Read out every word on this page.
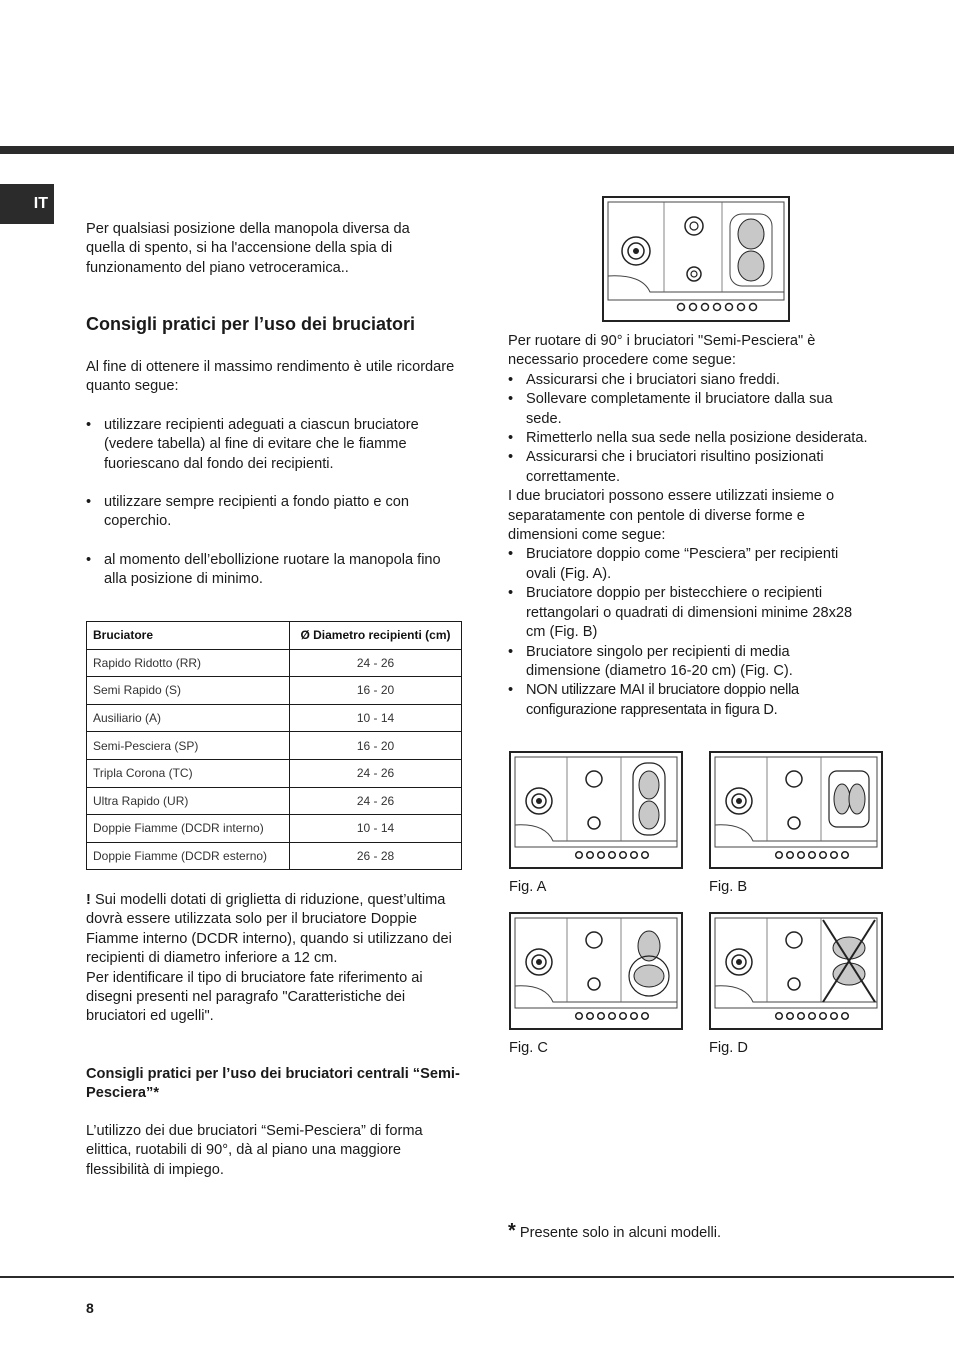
IT

Per qualsiasi posizione della manopola diversa da quella di spento, si ha l'accensione della spia di funzionamento del piano vetroceramica..

Consigli pratici per l’uso dei bruciatori

Al fine di ottenere il massimo rendimento è utile ricordare quanto segue:

• utilizzare recipienti adeguati a ciascun bruciatore (vedere tabella) al fine di evitare che le fiamme fuoriescano dal fondo dei recipienti.
• utilizzare sempre recipienti a fondo piatto e con coperchio.
• al momento dell’ebollizione ruotare la manopola fino alla posizione di minimo.
Bruciatore	Ø Diametro recipienti (cm)
Rapido Ridotto (RR)	24 - 26
Semi Rapido (S)	16 - 20
Ausiliario (A)	10 - 14
Semi-Pesciera (SP)	16 - 20
Tripla Corona (TC)	24 - 26
Ultra Rapido (UR)	24 - 26
Doppie Fiamme (DCDR interno)	10 - 14
Doppie Fiamme (DCDR esterno)	26 - 28
! Sui modelli dotati di griglietta di riduzione, quest’ultima dovrà essere utilizzata solo per il bruciatore Doppie Fiamme interno (DCDR interno), quando si utilizzano dei recipienti di diametro inferiore a 12 cm.
Per identificare il tipo di bruciatore fate riferimento ai disegni presenti nel paragrafo "Caratteristiche dei bruciatori ed ugelli".
Consigli pratici per l’uso dei bruciatori centrali “Semi-Pesciera”*

L’utilizzo dei due bruciatori “Semi-Pesciera” di forma elittica, ruotabili di 90°, dà al piano una maggiore flessibilità di impiego.

Per ruotare di 90° i bruciatori "Semi-Pesciera" è necessario procedere come segue:
• Assicurarsi che i bruciatori siano freddi.
• Sollevare completamente il bruciatore dalla sua sede.
• Rimetterlo nella sua sede nella posizione desiderata.
• Assicurarsi che i bruciatori risultino posizionati correttamente.
I due bruciatori possono essere utilizzati insieme o separatamente con pentole di diverse forme e dimensioni come segue:
• Bruciatore doppio come “Pesciera” per recipienti ovali (Fig. A).
• Bruciatore doppio per bistecchiere o recipienti rettangolari o quadrati di dimensioni minime 28x28 cm (Fig. B)
• Bruciatore singolo per recipienti di media dimensione (diametro 16-20 cm) (Fig. C).
• NON utilizzare MAI il bruciatore doppio nella configurazione rappresentata in figura D.
Fig. A	Fig. B
Fig. C	Fig. D
* Presente solo in alcuni modelli.
8
